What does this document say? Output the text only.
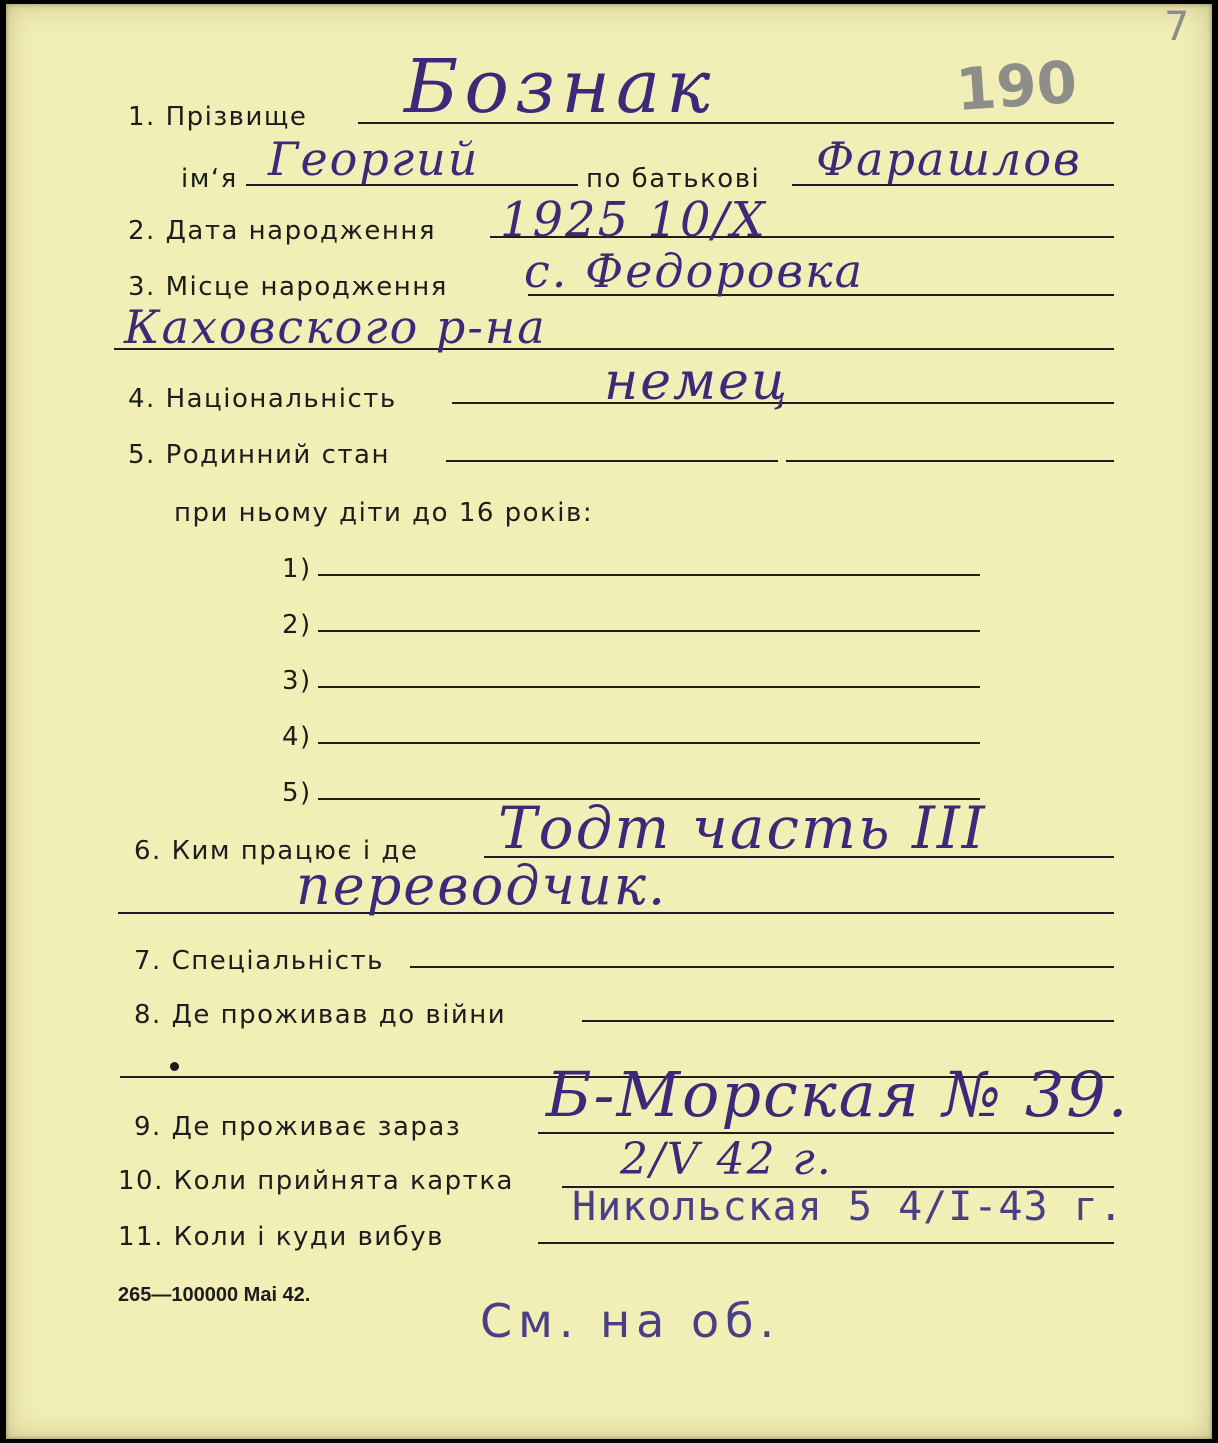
190
7
1. Прізвище Бознак
ім‘я Георгий	по батькові Фарашлов
2. Дата народження 1925 10/Х
3. Місце народження с. Федоровка
Каховского р-на
4. Національність	немец
5. Родинний стан
при ньому діти до 16 років:
1)
2)
3)
4)
5)
6. Ким працює і де Тодт часть III
переводчик.
7. Спеціальність
8. Де проживав до війни
9. Де проживає зараз Б-Морская № 39.
10. Коли прийнята картка 2/V 42 г.
11. Коли і куди вибув
Никольская 5 4/I-43 г.
265—100000 Mai 42.	См. на об.
